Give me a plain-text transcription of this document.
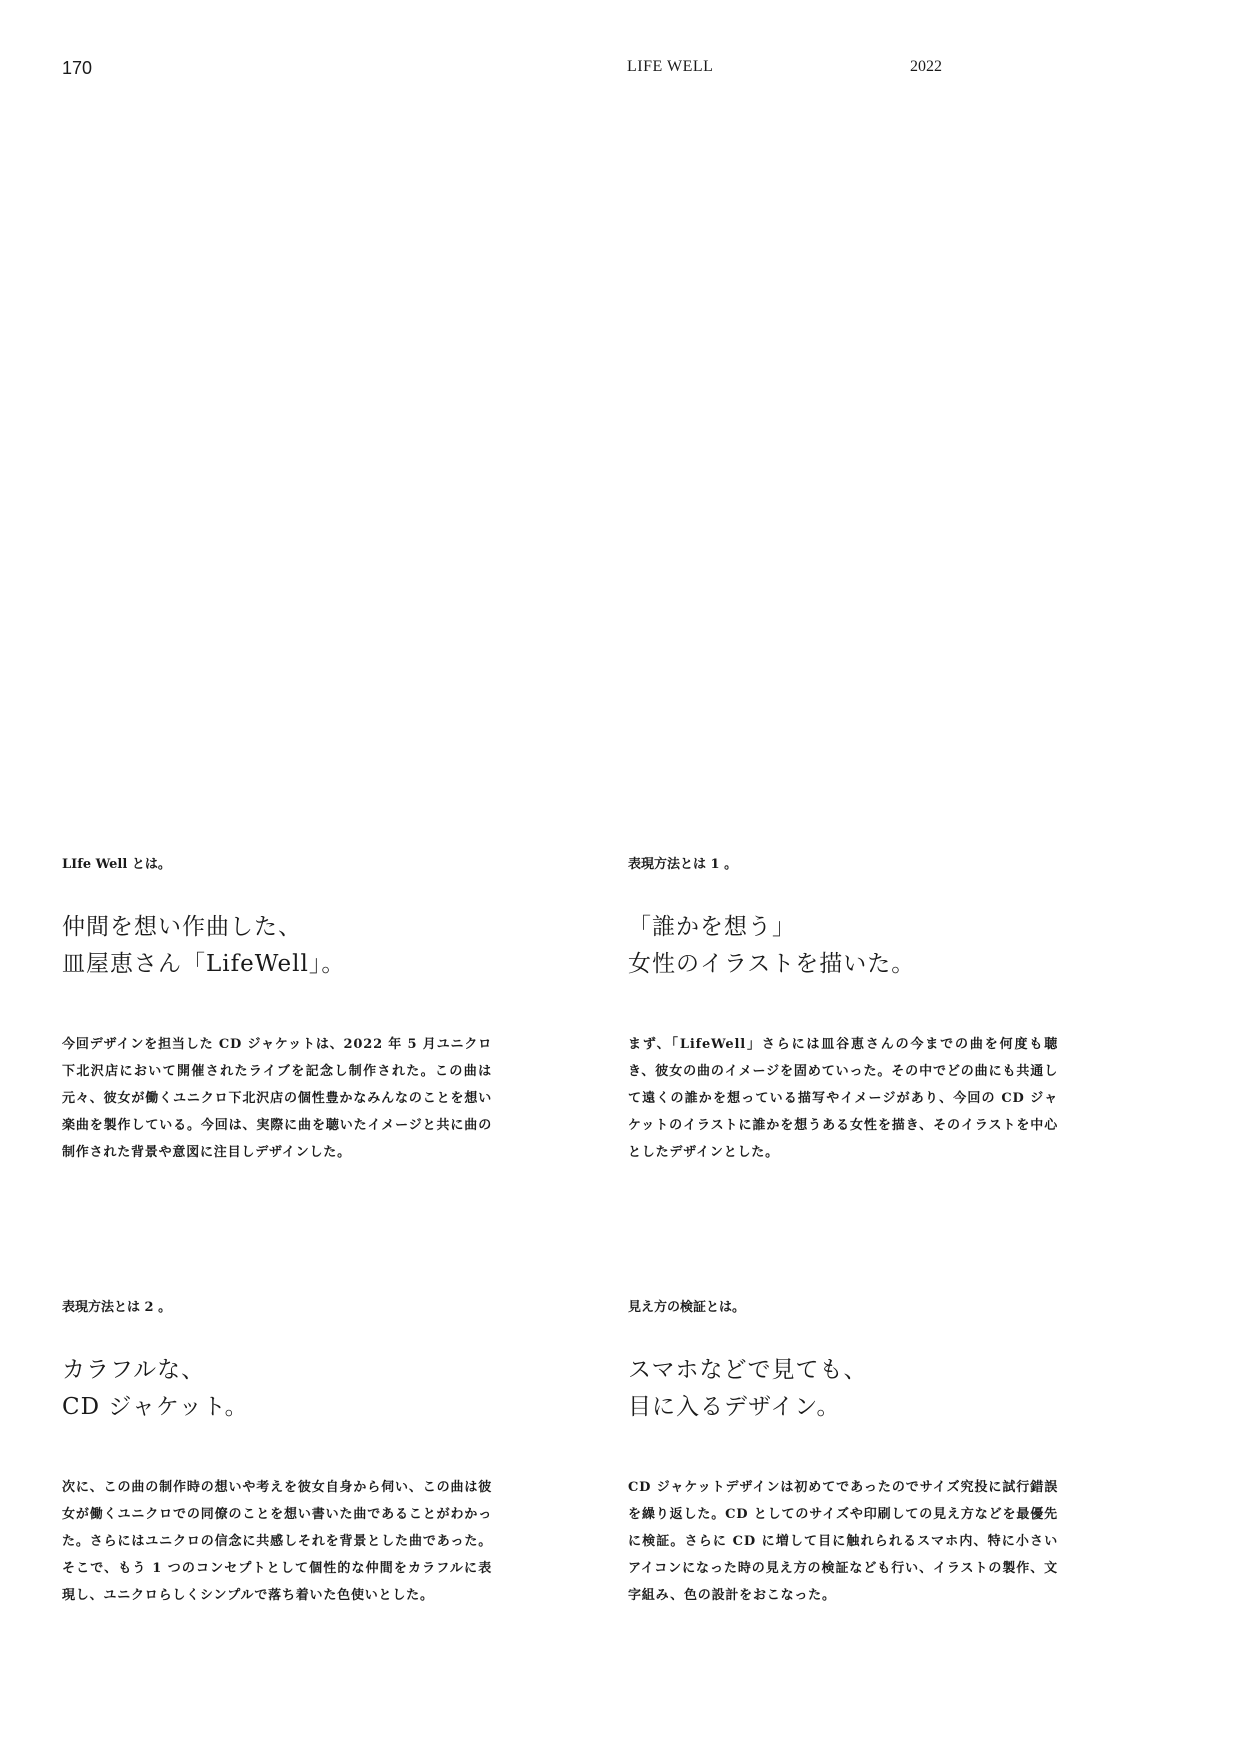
170	LIFE WELL	2022

LIfe Well とは。

仲間を想い作曲した、
皿屋恵さん「LifeWell」。

今回デザインを担当した CD ジャケットは、2022 年 5 月ユニクロ下北沢店において開催されたライブを記念し制作された。この曲は元々、彼女が働くユニクロ下北沢店の個性豊かなみんなのことを想い楽曲を製作している。今回は、実際に曲を聴いたイメージと共に曲の制作された背景や意図に注目しデザインした。

表現方法とは 1 。

「誰かを想う」
女性のイラストを描いた。

まず、「LifeWell」さらには皿谷恵さんの今までの曲を何度も聴き、彼女の曲のイメージを固めていった。その中でどの曲にも共通して遠くの誰かを想っている描写やイメージがあり、今回の CD ジャケットのイラストに誰かを想うある女性を描き、そのイラストを中心としたデザインとした。

表現方法とは 2 。

カラフルな、
CD ジャケット。

次に、この曲の制作時の想いや考えを彼女自身から伺い、この曲は彼女が働くユニクロでの同僚のことを想い書いた曲であることがわかった。さらにはユニクロの信念に共感しそれを背景とした曲であった。そこで、もう 1 つのコンセプトとして個性的な仲間をカラフルに表現し、ユニクロらしくシンプルで落ち着いた色使いとした。

見え方の検証とは。

スマホなどで見ても、
目に入るデザイン。

CD ジャケットデザインは初めてであったのでサイズ究投に試行錯誤を繰り返した。CD としてのサイズや印刷しての見え方などを最優先に検証。さらに CD に増して目に触れられるスマホ内、特に小さいアイコンになった時の見え方の検証なども行い、イラストの製作、文字組み、色の設計をおこなった。
